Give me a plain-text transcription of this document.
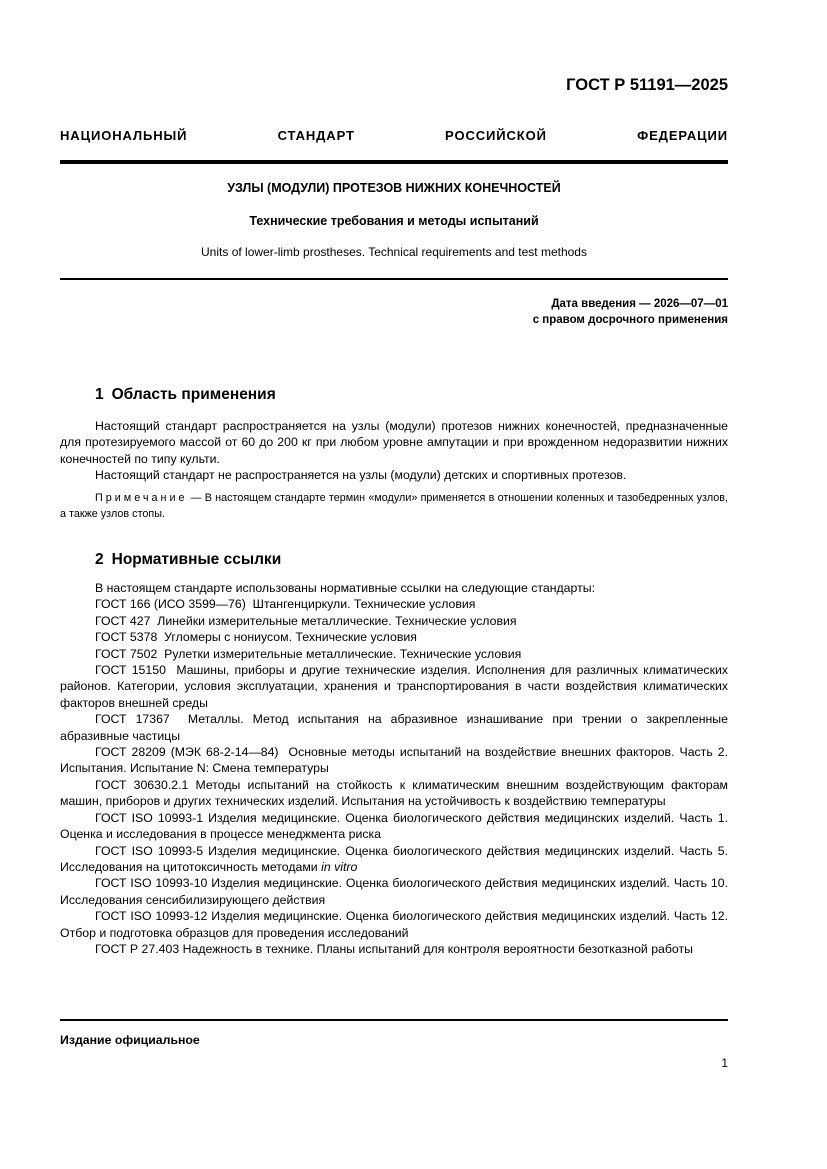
ГОСТ Р 51191—2025
НАЦИОНАЛЬНЫЙ СТАНДАРТ РОССИЙСКОЙ ФЕДЕРАЦИИ
УЗЛЫ (МОДУЛИ) ПРОТЕЗОВ НИЖНИХ КОНЕЧНОСТЕЙ
Технические требования и методы испытаний
Units of lower-limb prostheses. Technical requirements and test methods
Дата введения — 2026—07—01
с правом досрочного применения
1 Область применения
Настоящий стандарт распространяется на узлы (модули) протезов нижних конечностей, предназначенные для протезируемого массой от 60 до 200 кг при любом уровне ампутации и при врожденном недоразвитии нижних конечностей по типу культи.
Настоящий стандарт не распространяется на узлы (модули) детских и спортивных протезов.
Примечание — В настоящем стандарте термин «модули» применяется в отношении коленных и тазобедренных узлов, а также узлов стопы.
2 Нормативные ссылки
В настоящем стандарте использованы нормативные ссылки на следующие стандарты:
ГОСТ 166 (ИСО 3599—76) Штангенциркули. Технические условия
ГОСТ 427 Линейки измерительные металлические. Технические условия
ГОСТ 5378 Угломеры с нониусом. Технические условия
ГОСТ 7502 Рулетки измерительные металлические. Технические условия
ГОСТ 15150 Машины, приборы и другие технические изделия. Исполнения для различных климатических районов. Категории, условия эксплуатации, хранения и транспортирования в части воздействия климатических факторов внешней среды
ГОСТ 17367 Металлы. Метод испытания на абразивное изнашивание при трении о закрепленные абразивные частицы
ГОСТ 28209 (МЭК 68-2-14—84) Основные методы испытаний на воздействие внешних факторов. Часть 2. Испытания. Испытание N: Смена температуры
ГОСТ 30630.2.1 Методы испытаний на стойкость к климатическим внешним воздействующим факторам машин, приборов и других технических изделий. Испытания на устойчивость к воздействию температуры
ГОСТ ISO 10993-1 Изделия медицинские. Оценка биологического действия медицинских изделий. Часть 1. Оценка и исследования в процессе менеджмента риска
ГОСТ ISO 10993-5 Изделия медицинские. Оценка биологического действия медицинских изделий. Часть 5. Исследования на цитотоксичность методами in vitro
ГОСТ ISO 10993-10 Изделия медицинские. Оценка биологического действия медицинских изделий. Часть 10. Исследования сенсибилизирующего действия
ГОСТ ISO 10993-12 Изделия медицинские. Оценка биологического действия медицинских изделий. Часть 12. Отбор и подготовка образцов для проведения исследований
ГОСТ Р 27.403 Надежность в технике. Планы испытаний для контроля вероятности безотказной работы
Издание официальное
1
